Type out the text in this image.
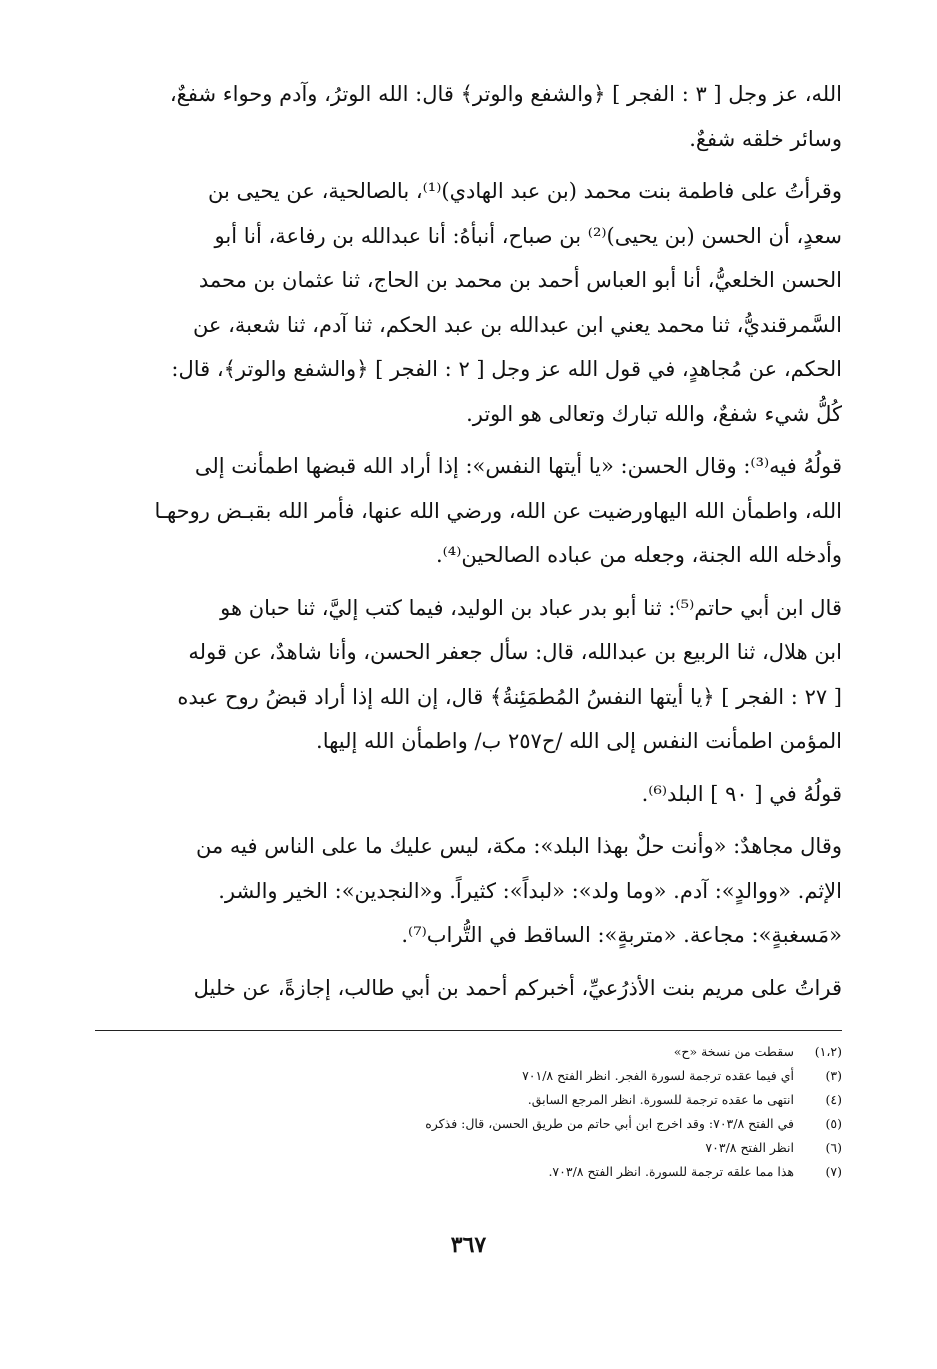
الله، عز وجل [ ٣ : الفجر ] ﴿والشفع والوتر﴾ قال: الله الوترُ، وآدم وحواء شفعٌ،
وسائر خلقه شفعٌ.

وقرأتُ على فاطمة بنت محمد (بن عبد الهادي)⁽¹⁾، بالصالحية، عن يحيى بن
سعدٍ، أن الحسن (بن يحيى)⁽²⁾ بن صباح، أنبأهُ: أنا عبدالله بن رفاعة، أنا أبو
الحسن الخلعيُّ، أنا أبو العباس أحمد بن محمد بن الحاج، ثنا عثمان بن محمد
السَّمرقنديُّ، ثنا محمد يعني ابن عبدالله بن عبد الحكم، ثنا آدم، ثنا شعبة، عن
الحكم، عن مُجاهدٍ، في قول الله عز وجل [ ٢ : الفجر ] ﴿والشفع والوتر﴾، قال:
كُلُّ شيء شفعٌ، والله تبارك وتعالى هو الوتر.

قولُهُ فيه⁽³⁾: وقال الحسن: «يا أيتها النفس»: إذا أراد الله قبضها اطمأنت إلى
الله، واطمأن الله اليهاورضيت عن الله، ورضي الله عنها، فأمر الله بقبـض روحهـا
وأدخله الله الجنة، وجعله من عباده الصالحين⁽⁴⁾.

قال ابن أبي حاتم⁽⁵⁾: ثنا أبو بدر عباد بن الوليد، فيما كتب إليَّ، ثنا حبان هو
ابن هلال، ثنا الربيع بن عبدالله، قال: سأل جعفر الحسن، وأنا شاهدٌ، عن قوله
[ ٢٧ : الفجر ] ﴿يا أيتها النفسُ المُطمَئِنةُ﴾ قال، إن الله إذا أراد قبضُ روح عبده
المؤمن اطمأنت النفس إلى الله /ح٢٥٧ ب/ واطمأن الله إليها.

قولُهُ في [ ٩٠ ] البلد⁽⁶⁾.

وقال مجاهدٌ: «وأنت حلٌ بهذا البلد»: مكة، ليس عليك ما على الناس فيه من
الإثم. «ووالدٍ»: آدم. «وما ولد»: «لبداً»: كثيراً. و«النجدين»: الخير والشر.
«مَسغبةٍ»: مجاعة. «متربةٍ»: الساقط في التُّراب⁽⁷⁾.

قراتُ على مريم بنت الأذرُعيِّ، أخبركم أحمد بن أبي طالب، إجازةً، عن خليل

(١،٢)
سقطت من نسخة «ح»
(٣)
أي فيما عقده ترجمة لسورة الفجر. انظر الفتح ٧٠١/٨
(٤)
انتهى ما عقده ترجمة للسورة. انظر المرجع السابق.
(٥)
في الفتح ٧٠٣/٨: وقد اخرج ابن أبي حاتم من طريق الحسن، قال: فذكره
(٦)
انظر الفتح ٧٠٣/٨
(٧)
هذا مما علقه ترجمة للسورة. انظر الفتح ٧٠٣/٨.
٣٦٧
